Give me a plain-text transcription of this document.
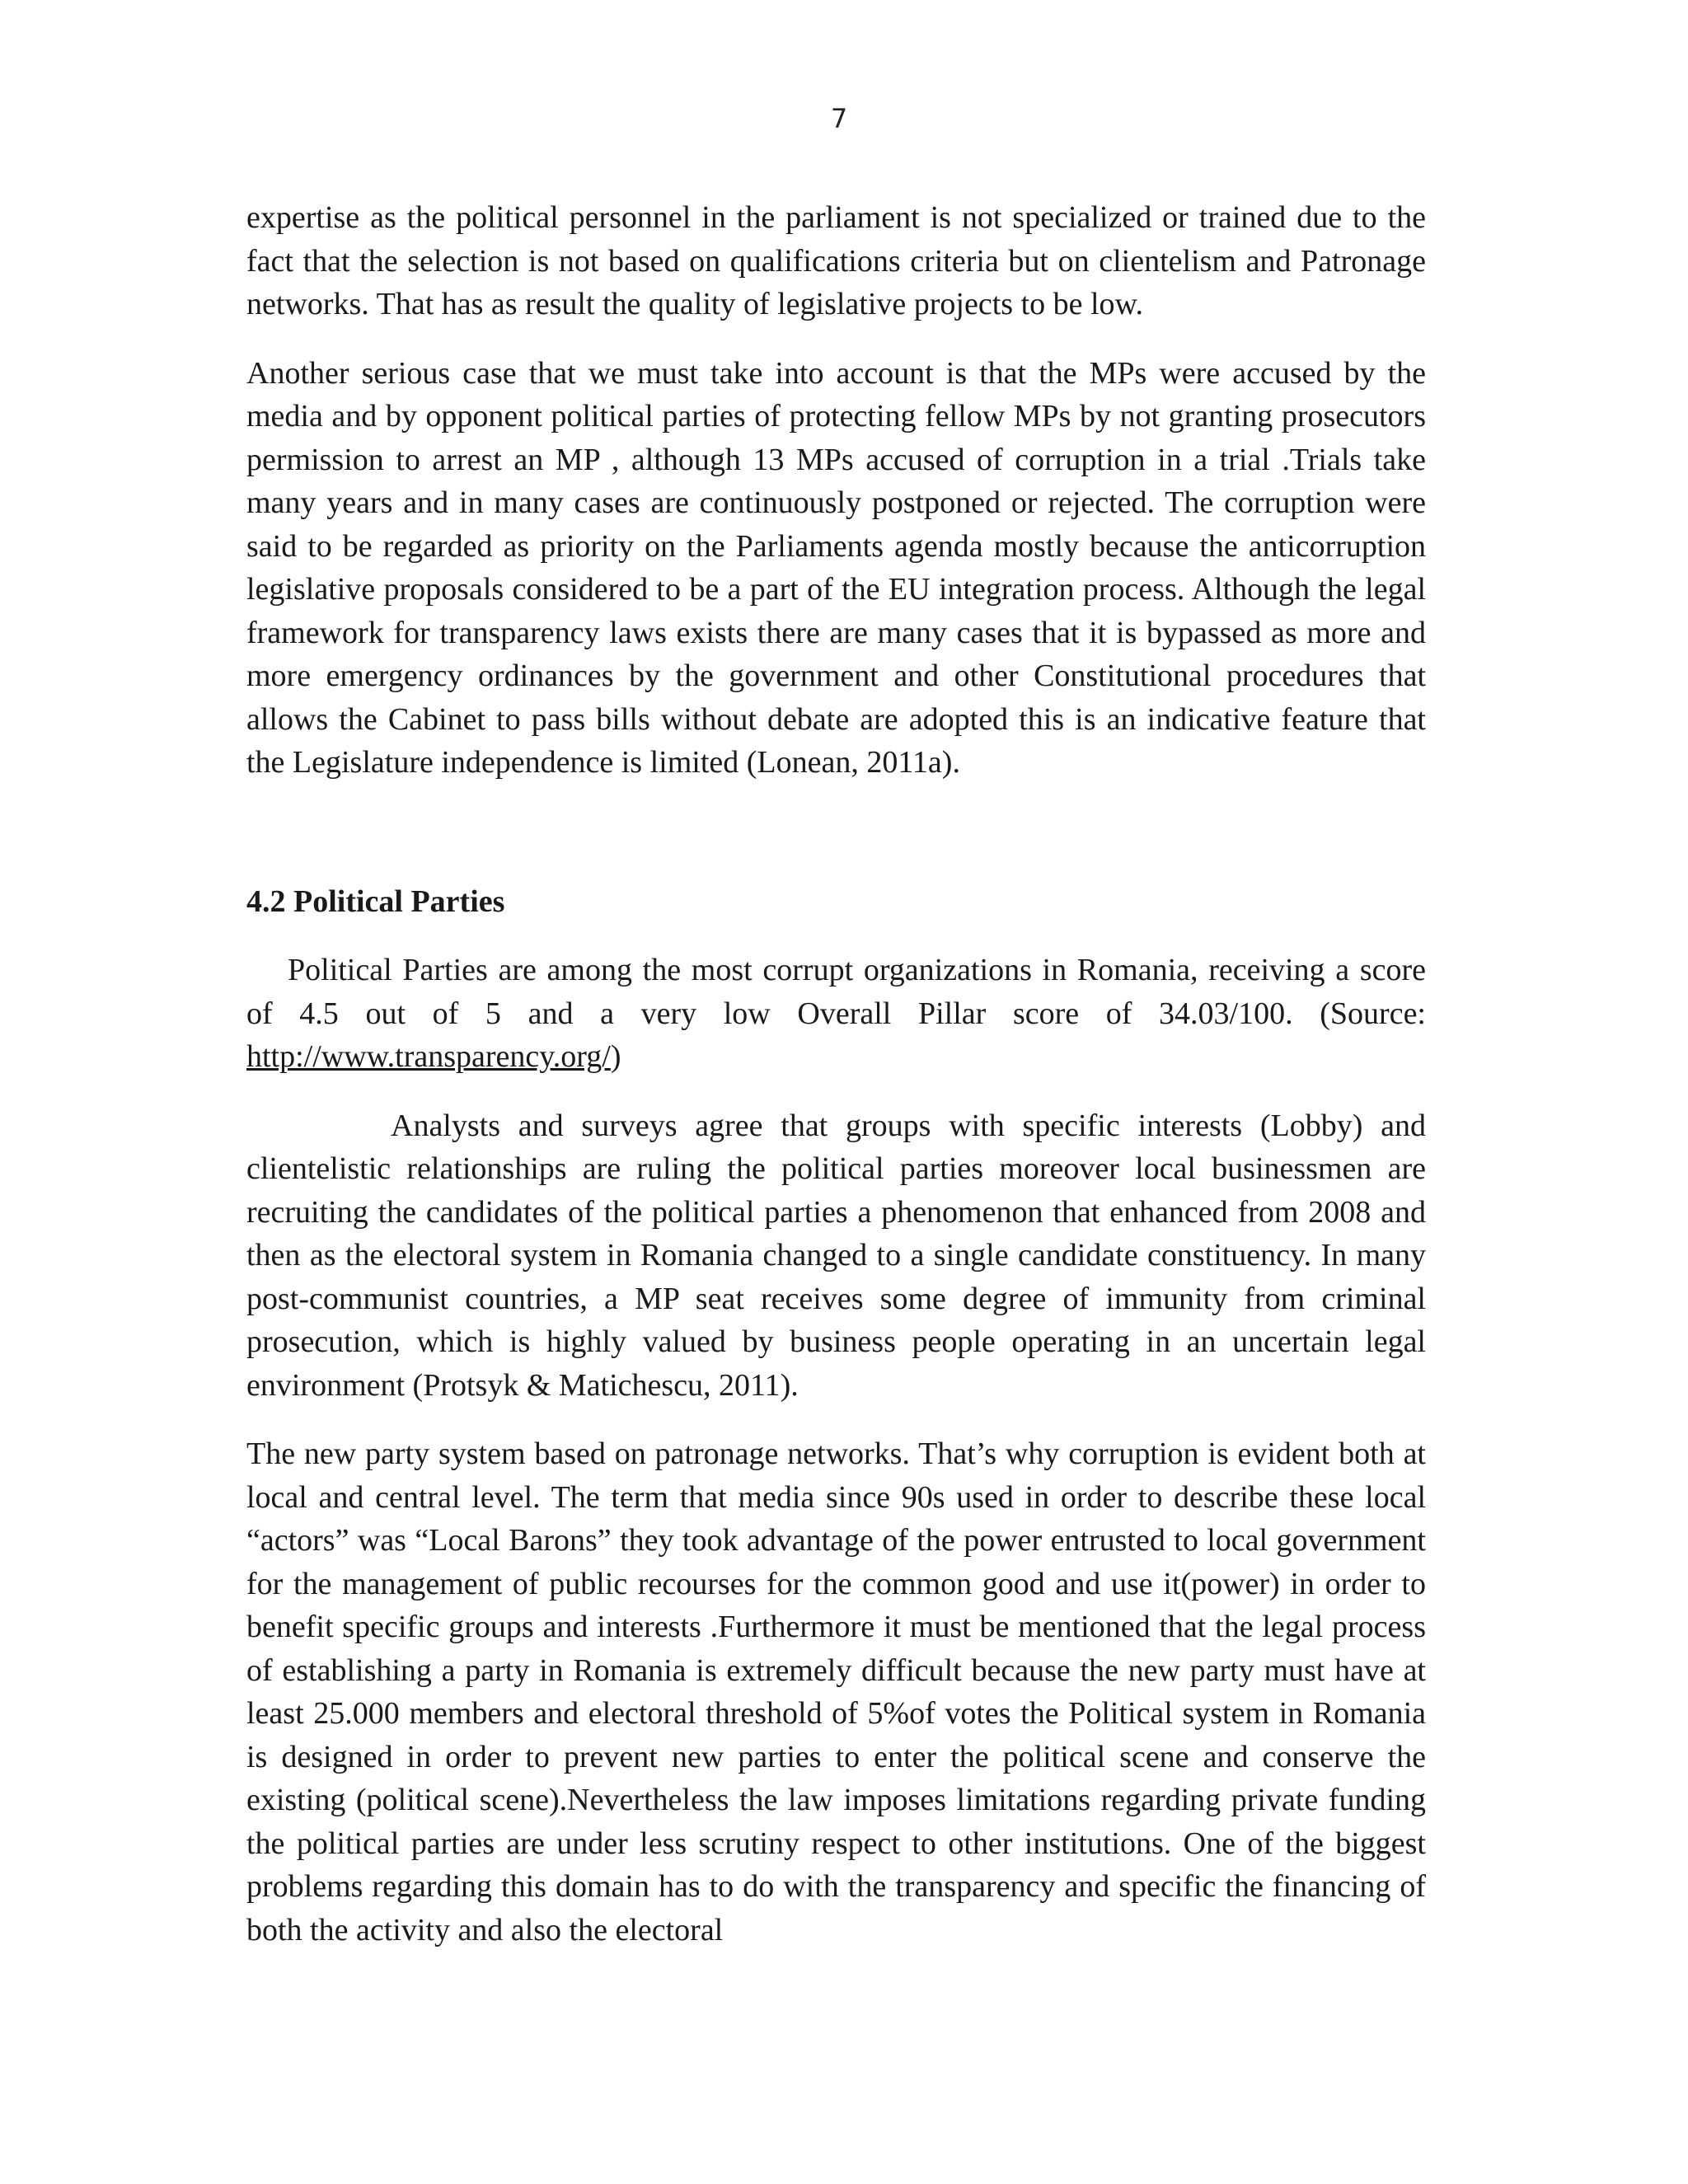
7

expertise as the political personnel in the parliament is not specialized or trained due to the fact that the selection is not based on qualifications criteria but on clientelism and Patronage networks. That has as result the quality of legislative projects to be low.

Another serious case that we must take into account is that the MPs were accused by the media and by opponent political parties of protecting fellow MPs by not granting prosecutors permission to arrest an MP , although 13 MPs accused of corruption in a trial .Trials take many years and in many cases are continuously postponed or rejected. The corruption were said to be regarded as priority on the Parliaments agenda mostly because the anticorruption legislative proposals considered to be a part of the EU integration process. Although the legal framework for transparency laws exists there are many cases that it is bypassed as more and more emergency ordinances by the government and other Constitutional procedures that allows the Cabinet to pass bills without debate are adopted this is an indicative feature that the Legislature independence is limited (Lonean, 2011a).

4.2 Political Parties

Political Parties are among the most corrupt organizations in Romania, receiving a score of 4.5 out of 5 and a very low Overall Pillar score of 34.03/100. (Source: http://www.transparency.org/)

Analysts and surveys agree that groups with specific interests (Lobby) and clientelistic relationships are ruling the political parties moreover local businessmen are recruiting the candidates of the political parties a phenomenon that enhanced from 2008 and then as the electoral system in Romania changed to a single candidate constituency. In many post-communist countries, a MP seat receives some degree of immunity from criminal prosecution, which is highly valued by business people operating in an uncertain legal environment (Protsyk & Matichescu, 2011).

The new party system based on patronage networks. That’s why corruption is evident both at local and central level. The term that media since 90s used in order to describe these local “actors” was “Local Barons” they took advantage of the power entrusted to local government for the management of public recourses for the common good and use it(power) in order to benefit specific groups and interests .Furthermore it must be mentioned that the legal process of establishing a party in Romania is extremely difficult because the new party must have at least 25.000 members and electoral threshold of 5%of votes the Political system in Romania is designed in order to prevent new parties to enter the political scene and conserve the existing (political scene).Nevertheless the law imposes limitations regarding private funding the political parties are under less scrutiny respect to other institutions. One of the biggest problems regarding this domain has to do with the transparency and specific the financing of both the activity and also the electoral
